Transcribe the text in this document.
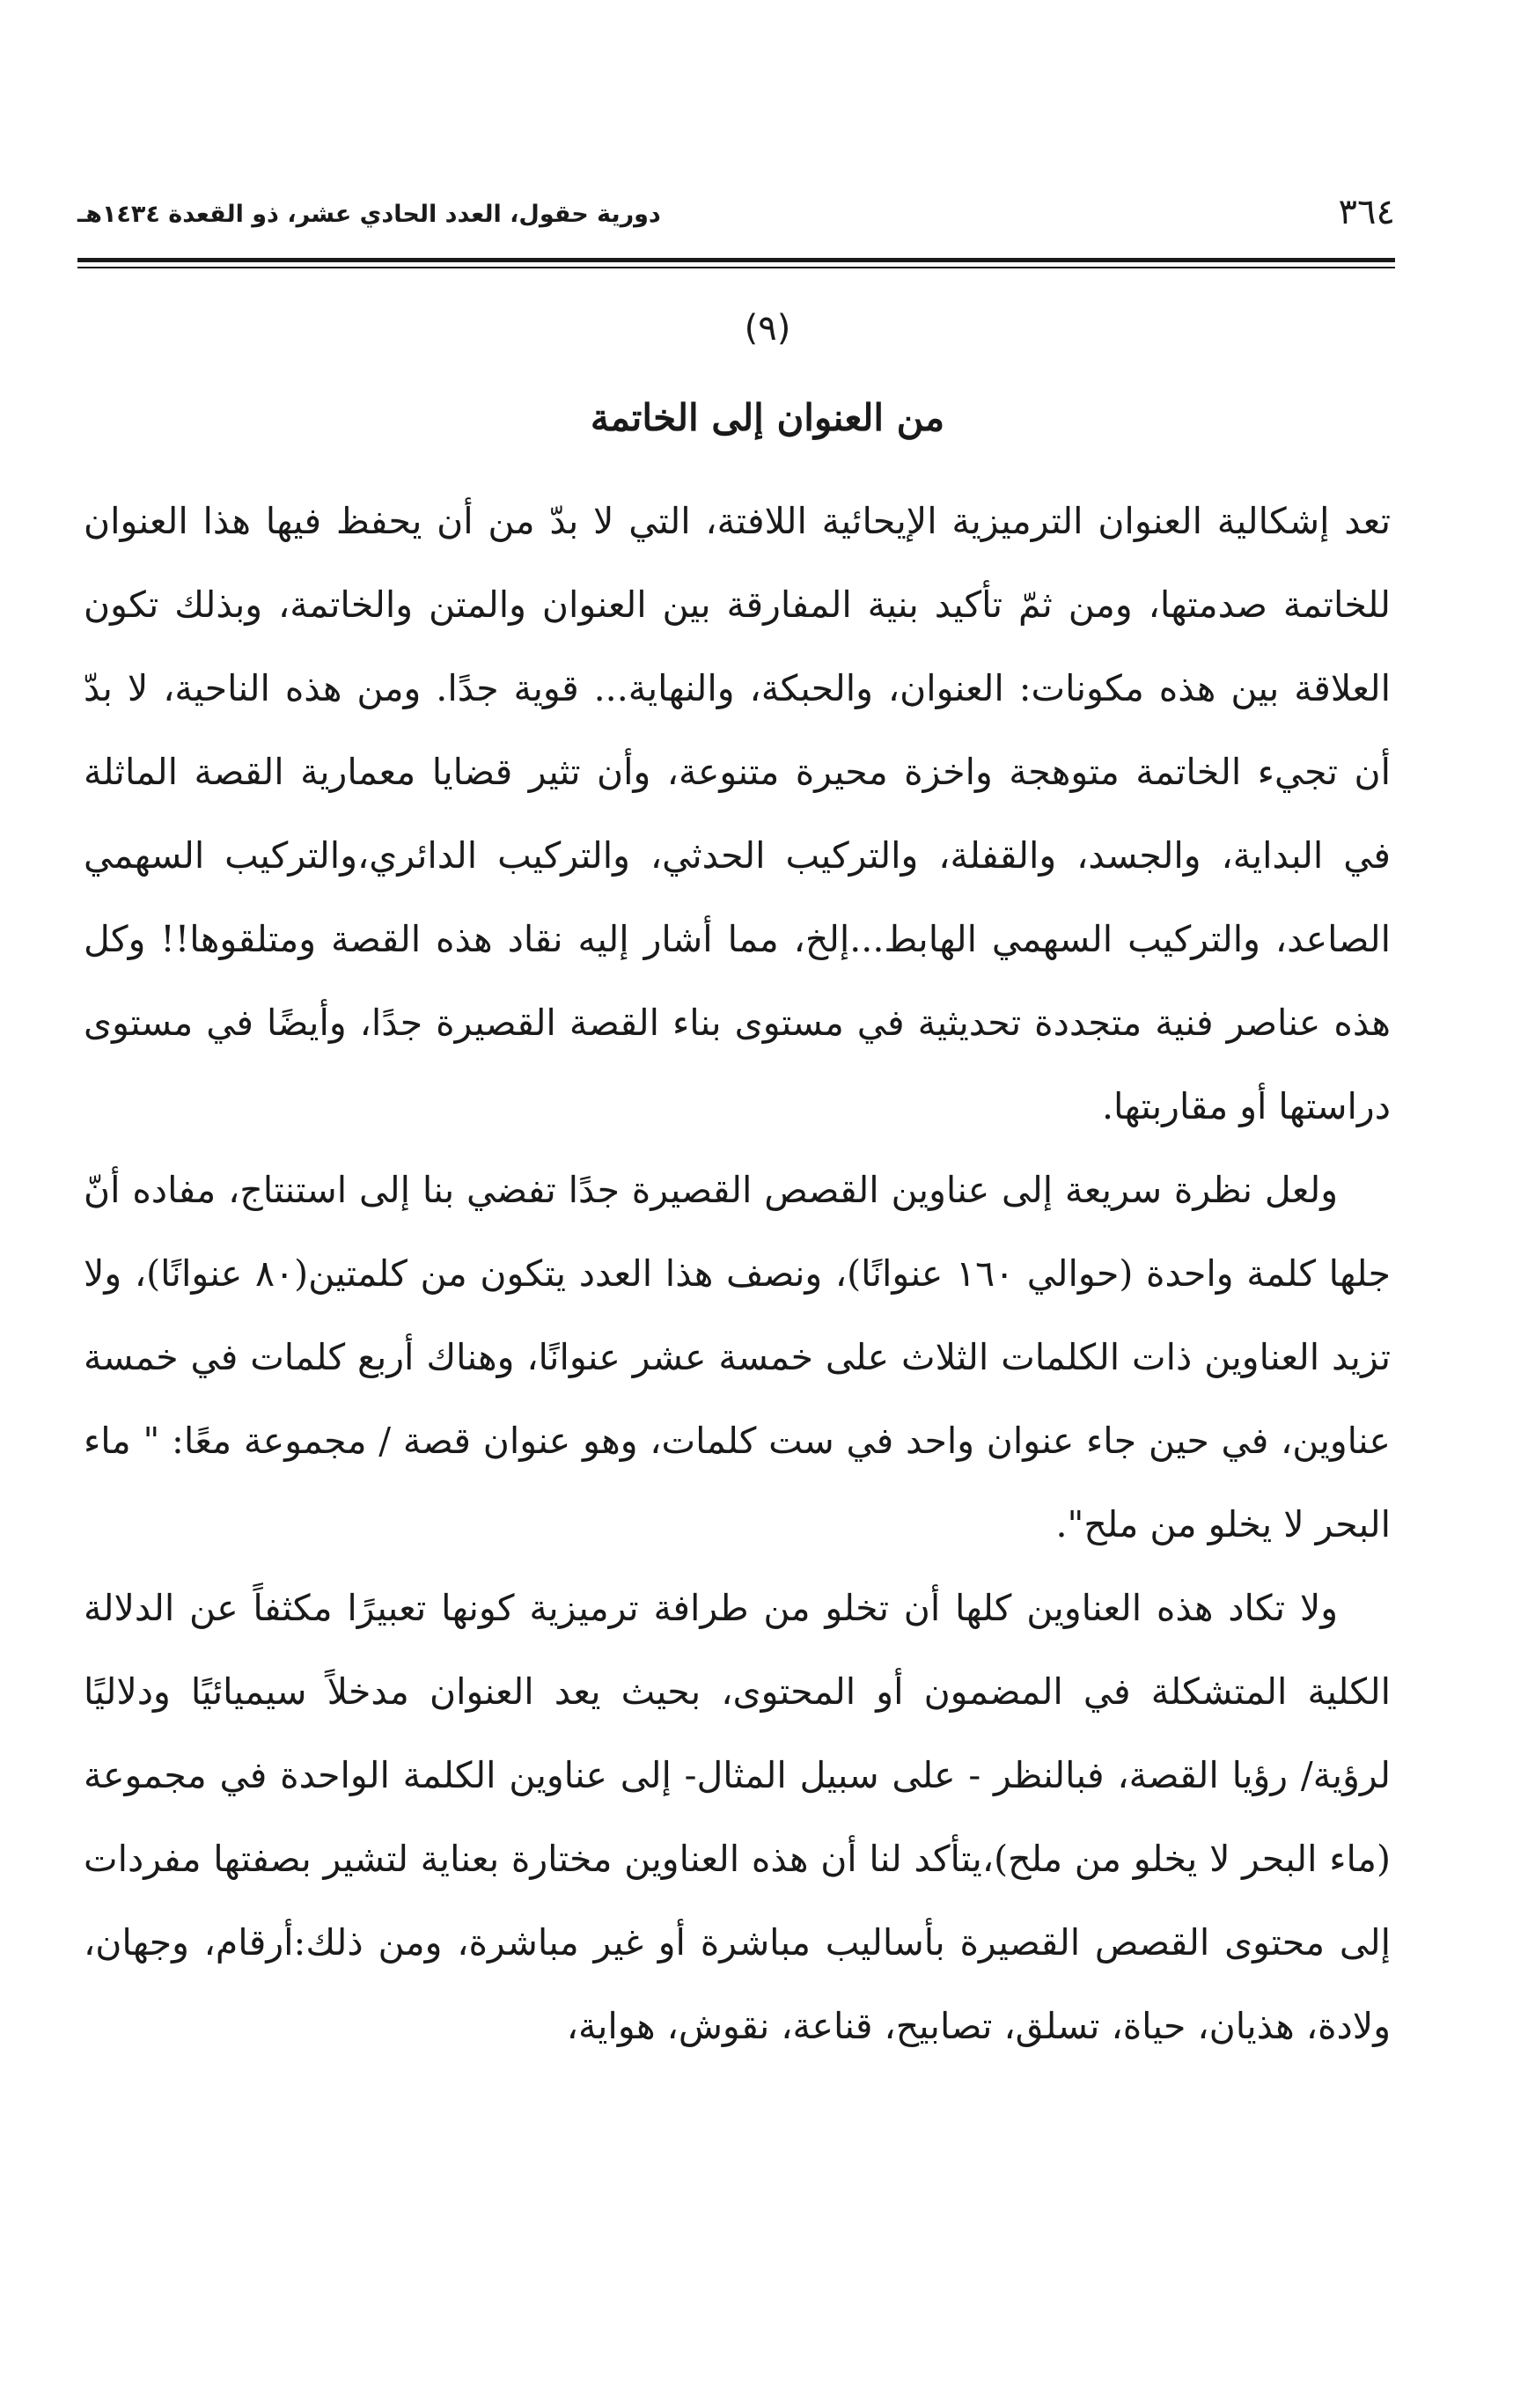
٣٦٤
دورية حقول، العدد الحادي عشر، ذو القعدة ١٤٣٤هـ
(٩)
من العنوان إلى الخاتمة

تعد إشكالية العنوان الترميزية الإيحائية اللافتة، التي لا بدّ من أن يحفظ فيها هذا العنوان للخاتمة صدمتها، ومن ثمّ تأكيد بنية المفارقة بين العنوان والمتن والخاتمة، وبذلك تكون العلاقة بين هذه مكونات: العنوان، والحبكة، والنهاية... قوية جدًا. ومن هذه الناحية، لا بدّ أن تجيء الخاتمة متوهجة واخزة محيرة متنوعة، وأن تثير قضايا معمارية القصة الماثلة في البداية، والجسد، والقفلة، والتركيب الحدثي، والتركيب الدائري،والتركيب السهمي الصاعد، والتركيب السهمي الهابط...إلخ، مما أشار إليه نقاد هذه القصة ومتلقوها!! وكل هذه عناصر فنية متجددة تحديثية في مستوى بناء القصة القصيرة جدًا، وأيضًا في مستوى دراستها أو مقاربتها.

ولعل نظرة سريعة إلى عناوين القصص القصيرة جدًا تفضي بنا إلى استنتاج، مفاده أنّ جلها كلمة واحدة (حوالي ١٦٠ عنوانًا)، ونصف هذا العدد يتكون من كلمتين(٨٠ عنوانًا)، ولا تزيد العناوين ذات الكلمات الثلاث على خمسة عشر عنوانًا، وهناك أربع كلمات في خمسة عناوين، في حين جاء عنوان واحد في ست كلمات، وهو عنوان قصة / مجموعة معًا: " ماء البحر لا يخلو من ملح".

ولا تكاد هذه العناوين كلها أن تخلو من طرافة ترميزية كونها تعبيرًا مكثفاً عن الدلالة الكلية المتشكلة في المضمون أو المحتوى، بحيث يعد العنوان مدخلاً سيميائيًا ودلاليًا لرؤية/ رؤيا القصة، فبالنظر - على سبيل المثال- إلى عناوين الكلمة الواحدة في مجموعة (ماء البحر لا يخلو من ملح)،يتأكد لنا أن هذه العناوين مختارة بعناية لتشير بصفتها مفردات إلى محتوى القصص القصيرة بأساليب مباشرة أو غير مباشرة، ومن ذلك:أرقام، وجهان، ولادة، هذيان، حياة، تسلق، تصابيح، قناعة، نقوش، هواية،
